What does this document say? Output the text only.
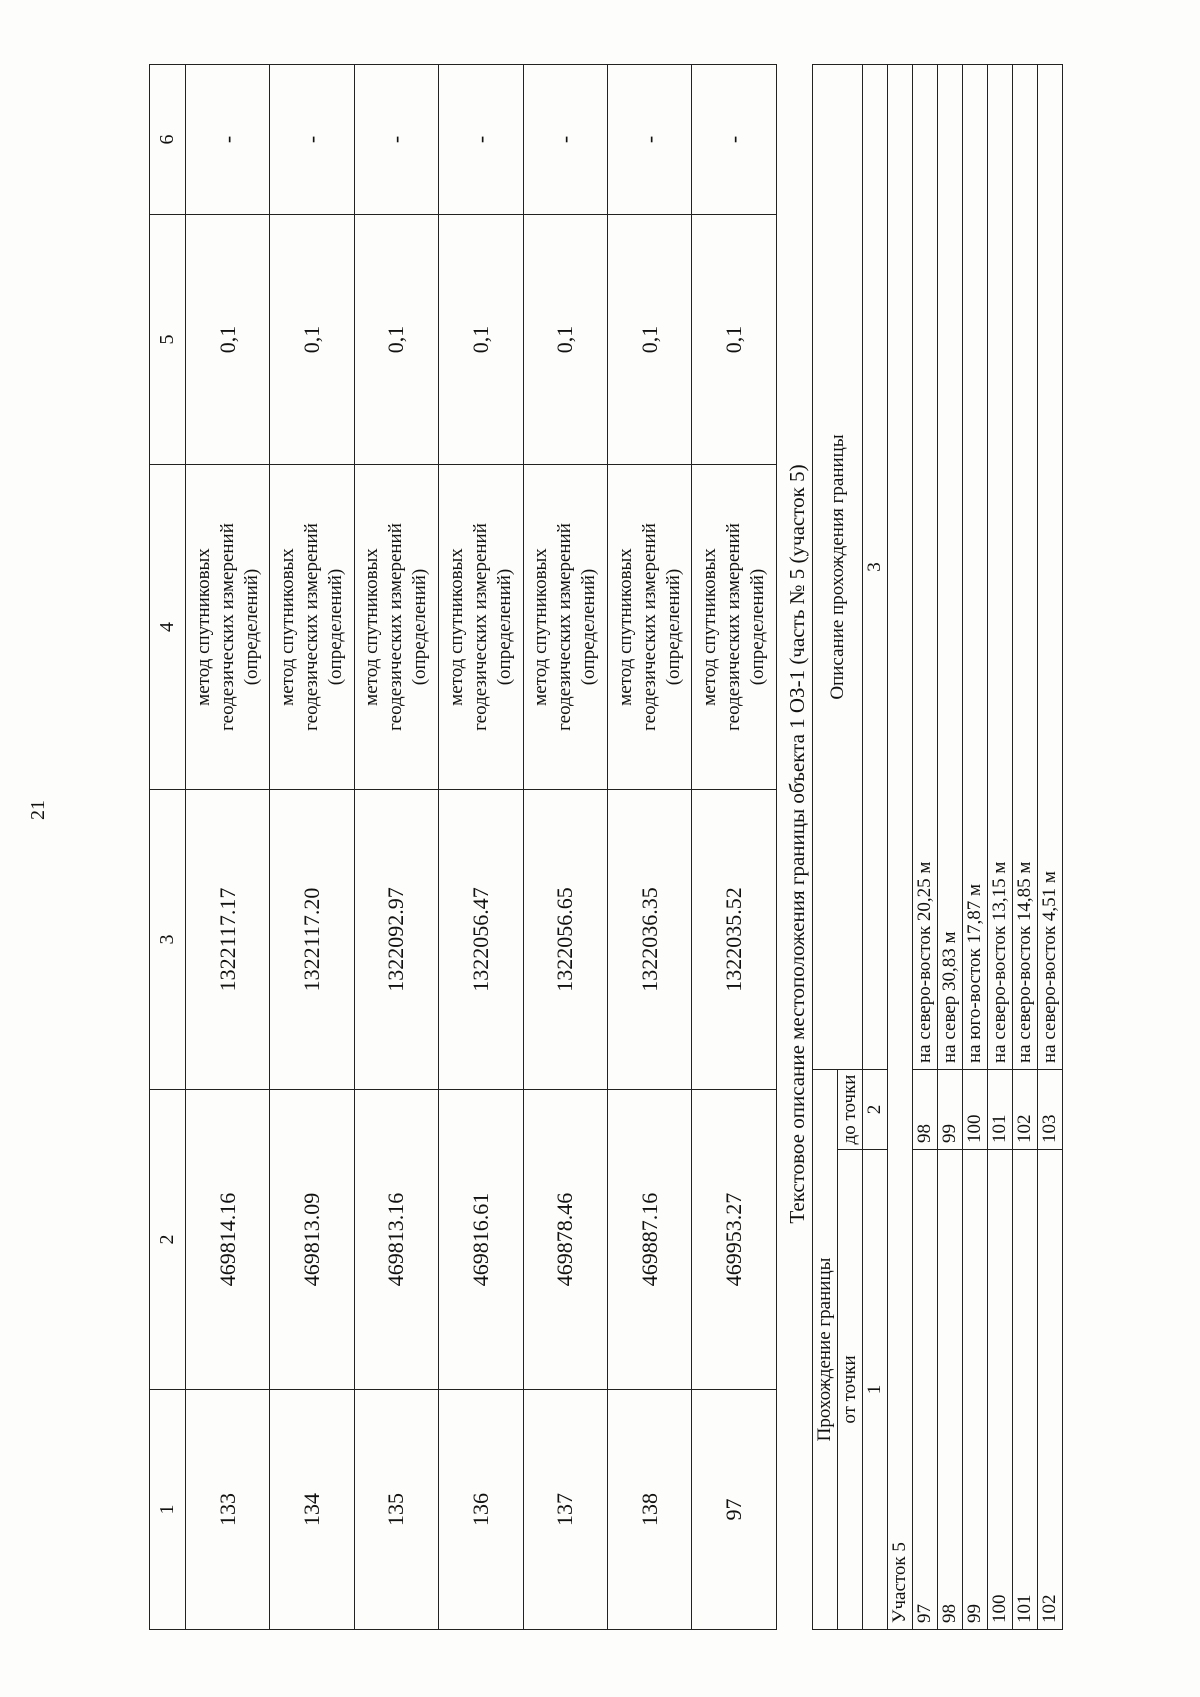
21
1	2	3	4	5	6
133	469814.16	1322117.17	метод спутниковых геодезических измерений (определений)	0,1	-
134	469813.09	1322117.20	метод спутниковых геодезических измерений (определений)	0,1	-
135	469813.16	1322092.97	метод спутниковых геодезических измерений (определений)	0,1	-
136	469816.61	1322056.47	метод спутниковых геодезических измерений (определений)	0,1	-
137	469878.46	1322056.65	метод спутниковых геодезических измерений (определений)	0,1	-
138	469887.16	1322036.35	метод спутниковых геодезических измерений (определений)	0,1	-
97	469953.27	1322035.52	метод спутниковых геодезических измерений (определений)	0,1	-
Текстовое описание местоположения границы объекта 1 ОЗ-1 (часть № 5 (участок 5)		
Прохождение границы		Описание прохождения границы
от точки	до точки	
1	2	3
Участок 5		
97	98	на северо-восток 20,25 м
98	99	на север 30,83 м
99	100	на юго-восток 17,87 м
100	101	на северо-восток 13,15 м
101	102	на северо-восток 14,85 м
102	103	на северо-восток 4,51 м
